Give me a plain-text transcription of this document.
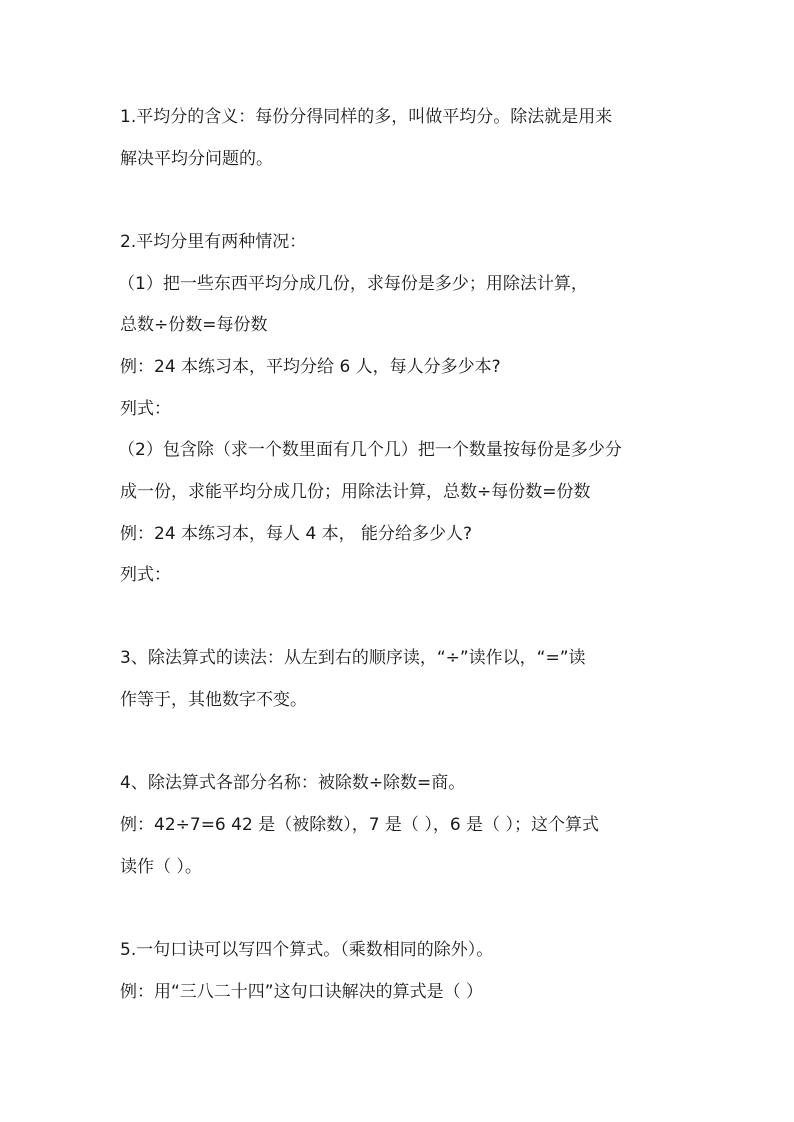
1.平均分的含义：每份分得同样的多，叫做平均分。除法就是用来
解决平均分问题的。
2.平均分里有两种情况：
（1）把一些东西平均分成几份，求每份是多少；用除法计算，
总数÷份数=每份数
例：24 本练习本，平均分给 6 人，每人分多少本?
列式：
（2）包含除（求一个数里面有几个几）把一个数量按每份是多少分
成一份，求能平均分成几份；用除法计算，总数÷每份数=份数
例：24 本练习本，每人 4 本， 能分给多少人?
列式：
3、除法算式的读法：从左到右的顺序读，“÷”读作以，“=”读
作等于，其他数字不变。
4、除法算式各部分名称：被除数÷除数=商。
例：42÷7=6 42 是（被除数），7 是（ ），6 是（ ）；这个算式
读作（ ）。
5.一句口诀可以写四个算式。（乘数相同的除外）。
例：用“三八二十四”这句口诀解决的算式是（ ）
